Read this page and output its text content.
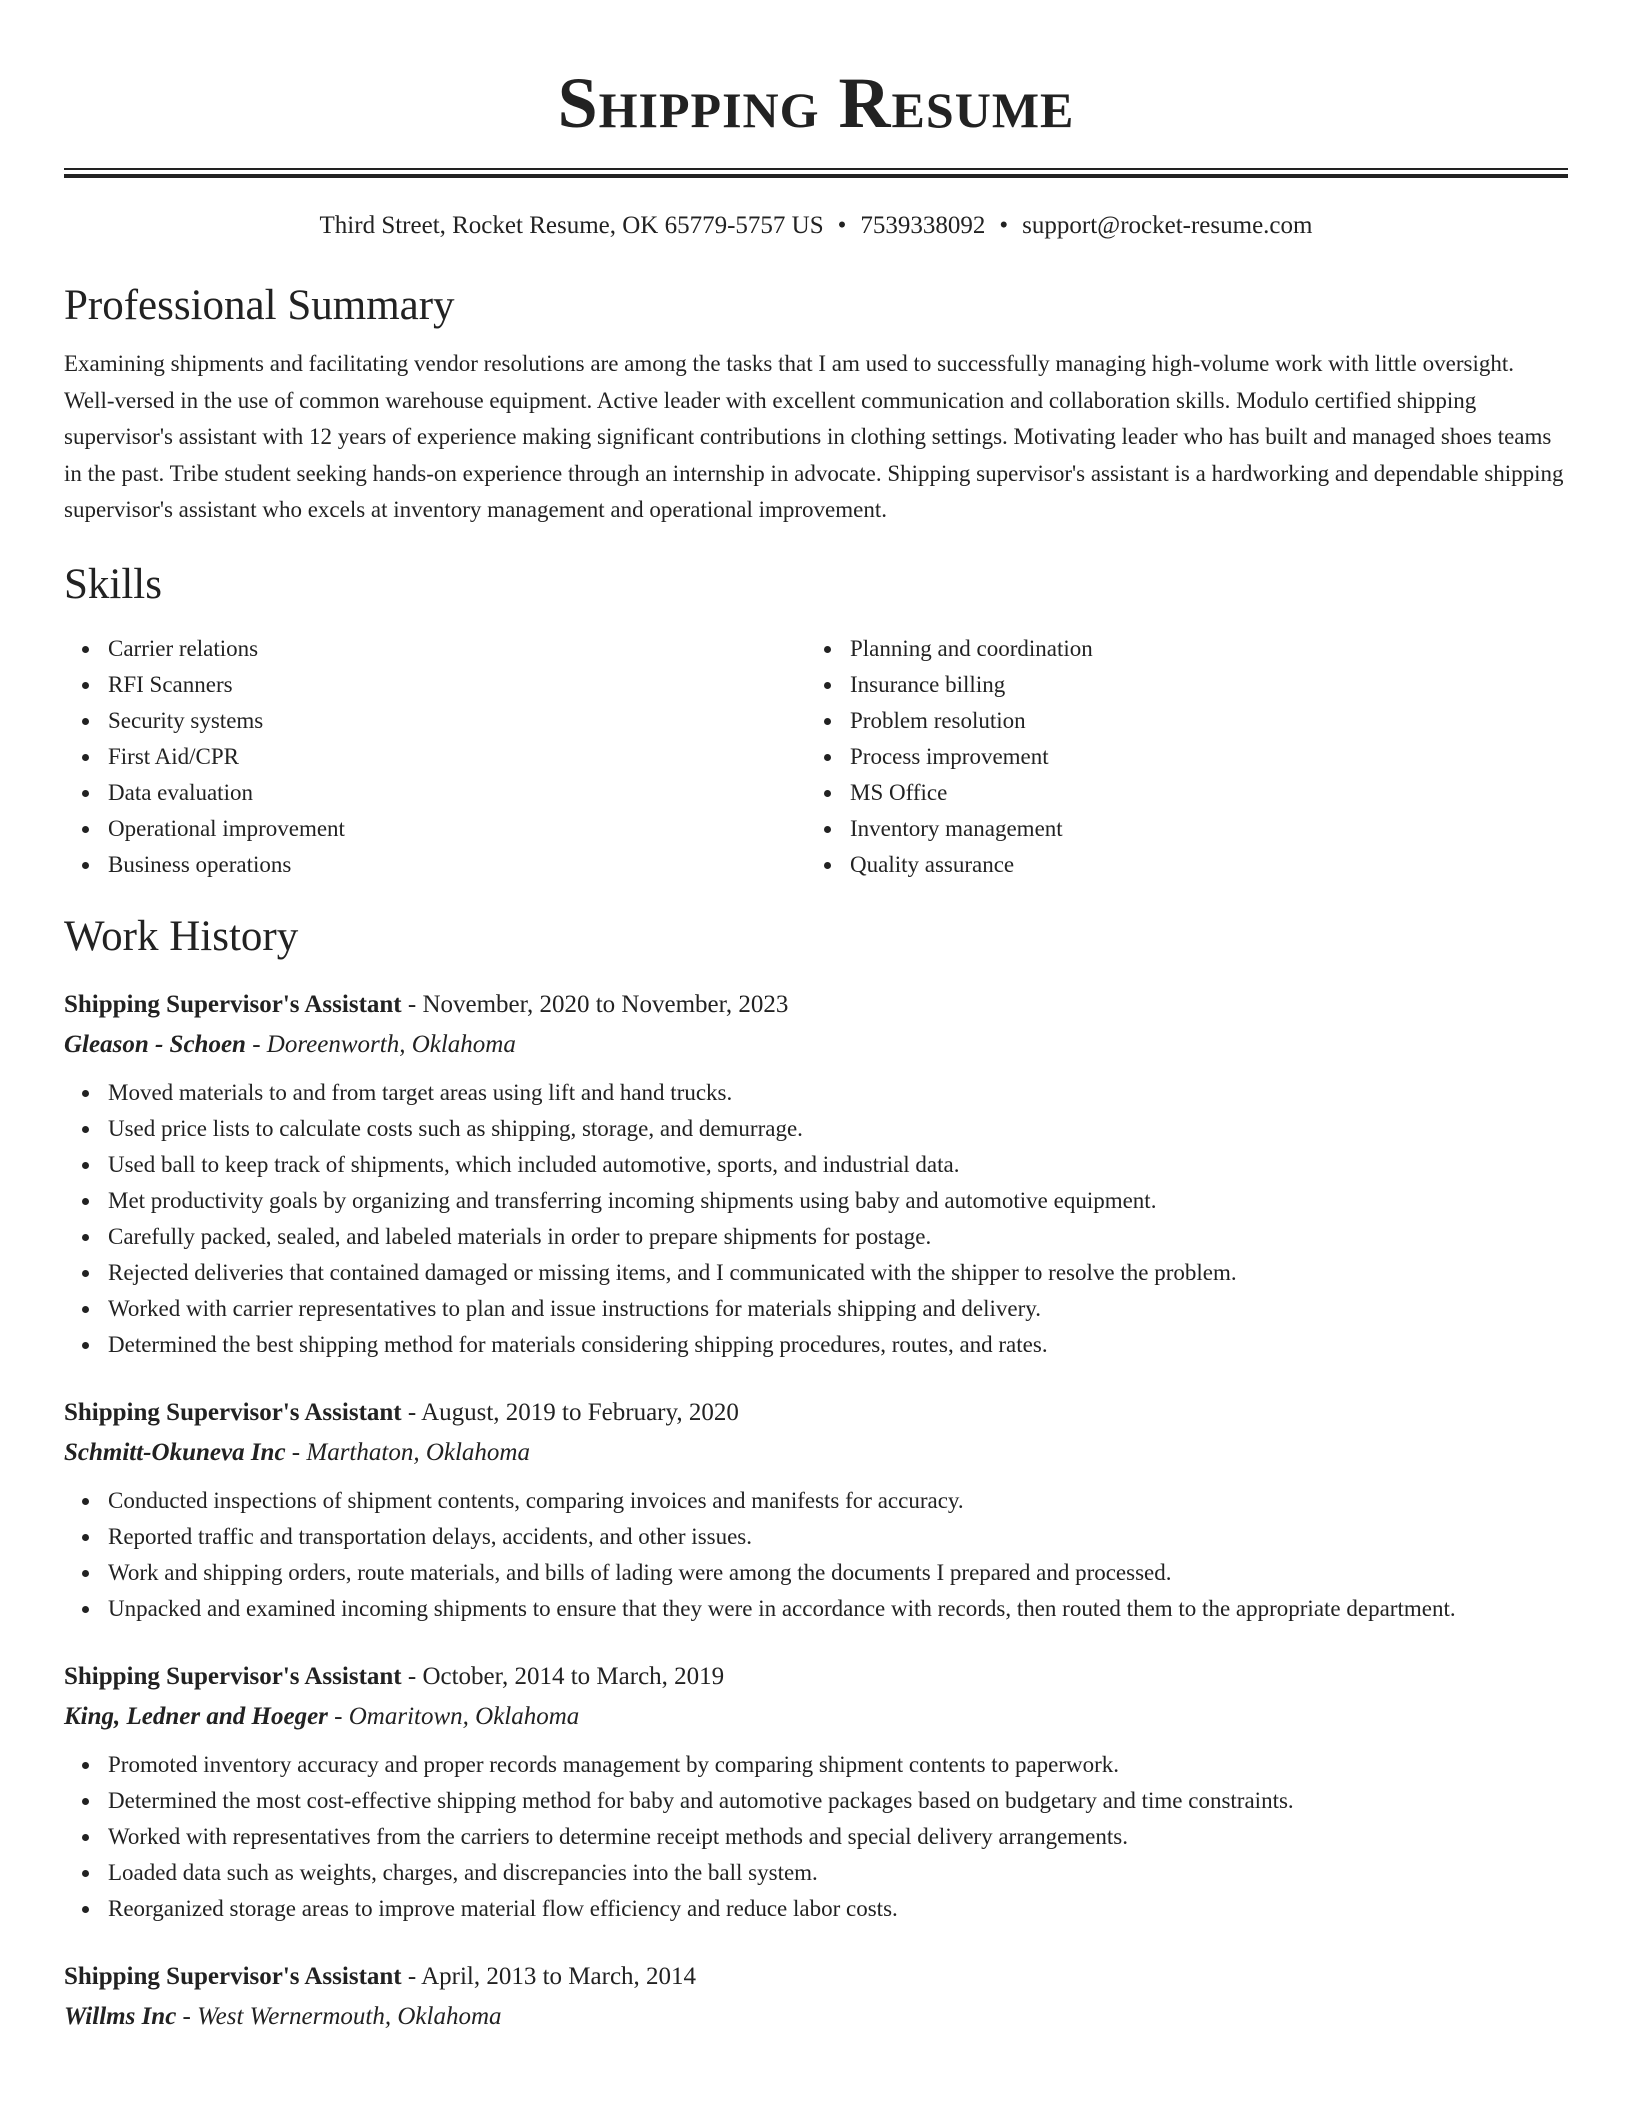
Shipping Resume
Third Street, Rocket Resume, OK 65779-5757 US • 7539338092 • support@rocket-resume.com
Professional Summary

Examining shipments and facilitating vendor resolutions are among the tasks that I am used to successfully managing high-volume work with little oversight. Well-versed in the use of common warehouse equipment. Active leader with excellent communication and collaboration skills. Modulo certified shipping supervisor's assistant with 12 years of experience making significant contributions in clothing settings. Motivating leader who has built and managed shoes teams in the past. Tribe student seeking hands-on experience through an internship in advocate. Shipping supervisor's assistant is a hardworking and dependable shipping supervisor's assistant who excels at inventory management and operational improvement.

Skills
Carrier relations
RFI Scanners
Security systems
First Aid/CPR
Data evaluation
Operational improvement
Business operations
Planning and coordination
Insurance billing
Problem resolution
Process improvement
MS Office
Inventory management
Quality assurance
Work History
Shipping Supervisor's Assistant - November, 2020 to November, 2023
Gleason - Schoen - Doreenworth, Oklahoma
Moved materials to and from target areas using lift and hand trucks.
Used price lists to calculate costs such as shipping, storage, and demurrage.
Used ball to keep track of shipments, which included automotive, sports, and industrial data.
Met productivity goals by organizing and transferring incoming shipments using baby and automotive equipment.
Carefully packed, sealed, and labeled materials in order to prepare shipments for postage.
Rejected deliveries that contained damaged or missing items, and I communicated with the shipper to resolve the problem.
Worked with carrier representatives to plan and issue instructions for materials shipping and delivery.
Determined the best shipping method for materials considering shipping procedures, routes, and rates.
Shipping Supervisor's Assistant - August, 2019 to February, 2020
Schmitt-Okuneva Inc - Marthaton, Oklahoma
Conducted inspections of shipment contents, comparing invoices and manifests for accuracy.
Reported traffic and transportation delays, accidents, and other issues.
Work and shipping orders, route materials, and bills of lading were among the documents I prepared and processed.
Unpacked and examined incoming shipments to ensure that they were in accordance with records, then routed them to the appropriate department.
Shipping Supervisor's Assistant - October, 2014 to March, 2019
King, Ledner and Hoeger - Omaritown, Oklahoma
Promoted inventory accuracy and proper records management by comparing shipment contents to paperwork.
Determined the most cost-effective shipping method for baby and automotive packages based on budgetary and time constraints.
Worked with representatives from the carriers to determine receipt methods and special delivery arrangements.
Loaded data such as weights, charges, and discrepancies into the ball system.
Reorganized storage areas to improve material flow efficiency and reduce labor costs.
Shipping Supervisor's Assistant - April, 2013 to March, 2014
Willms Inc - West Wernermouth, Oklahoma
